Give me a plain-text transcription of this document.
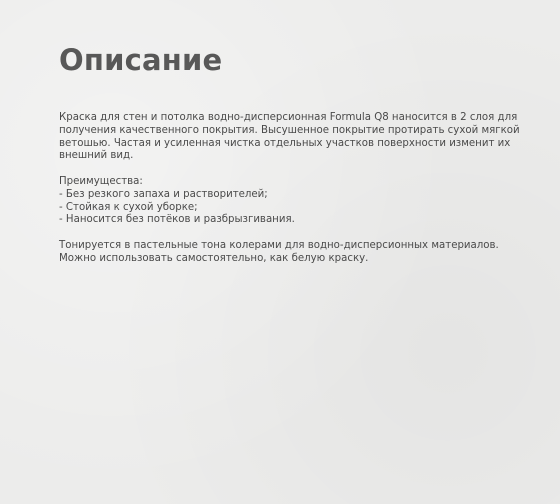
Описание

Краска для стен и потолка водно-дисперсионная Formula Q8 наносится в 2 слоя для
получения качественного покрытия. Высушенное покрытие протирать сухой мягкой
ветошью. Частая и усиленная чистка отдельных участков поверхности изменит их
внешний вид.

Преимущества:
- Без резкого запаха и растворителей;
- Стойкая к сухой уборке;
- Наносится без потёков и разбрызгивания.

Тонируется в пастельные тона колерами для водно-дисперсионных материалов.
Можно использовать самостоятельно, как белую краску.
